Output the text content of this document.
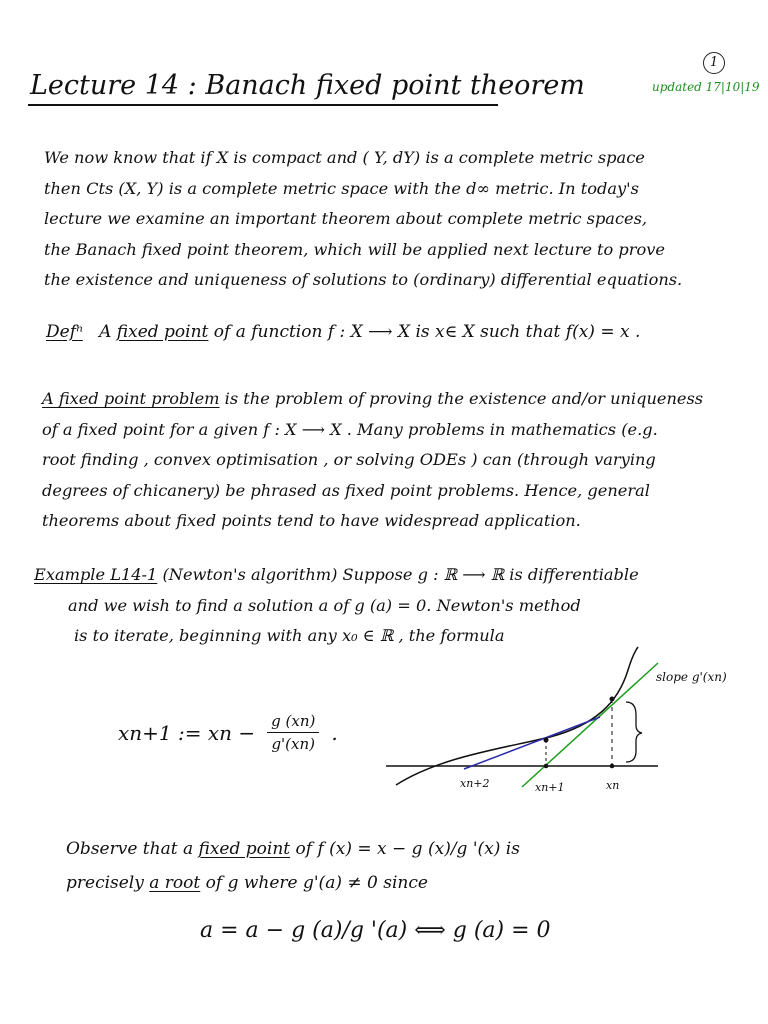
Lecture 14 : Banach fixed point theorem
1
updated 17|10|19
We now know that if X is compact and ( Y, dY) is a complete metric space
then Cts (X, Y) is a complete metric space with the d∞ metric. In today's
lecture we examine an important theorem about complete metric spaces,
the Banach fixed point theorem, which will be applied next lecture to prove
the existence and uniqueness of solutions to (ordinary) differential equations.
Defⁿ A fixed point of a function f : X ⟶ X is x∈ X such that f(x) = x .
A fixed point problem is the problem of proving the existence and/or uniqueness
of a fixed point for a given f : X ⟶ X . Many problems in mathematics (e.g.
root finding , convex optimisation , or solving ODEs ) can (through varying
degrees of chicanery) be phrased as fixed point problems. Hence, general
theorems about fixed points tend to have widespread application.
Example L14-1 (Newton's algorithm) Suppose g : ℝ ⟶ ℝ is differentiable
and we wish to find a solution a of g (a) = 0. Newton's method
is to iterate, beginning with any x₀ ∈ ℝ , the formula
xn+1 := xn − $\frac{g (xn)}{g'(xn)}$ .
slope g'(xn)
xn+2	xn+1	xn
Observe that a fixed point of f (x) = x − g (x)/g '(x) is
precisely a root of g where g'(a) ≠ 0 since
a = a − g (a)/g '(a) ⟺ g (a) = 0
